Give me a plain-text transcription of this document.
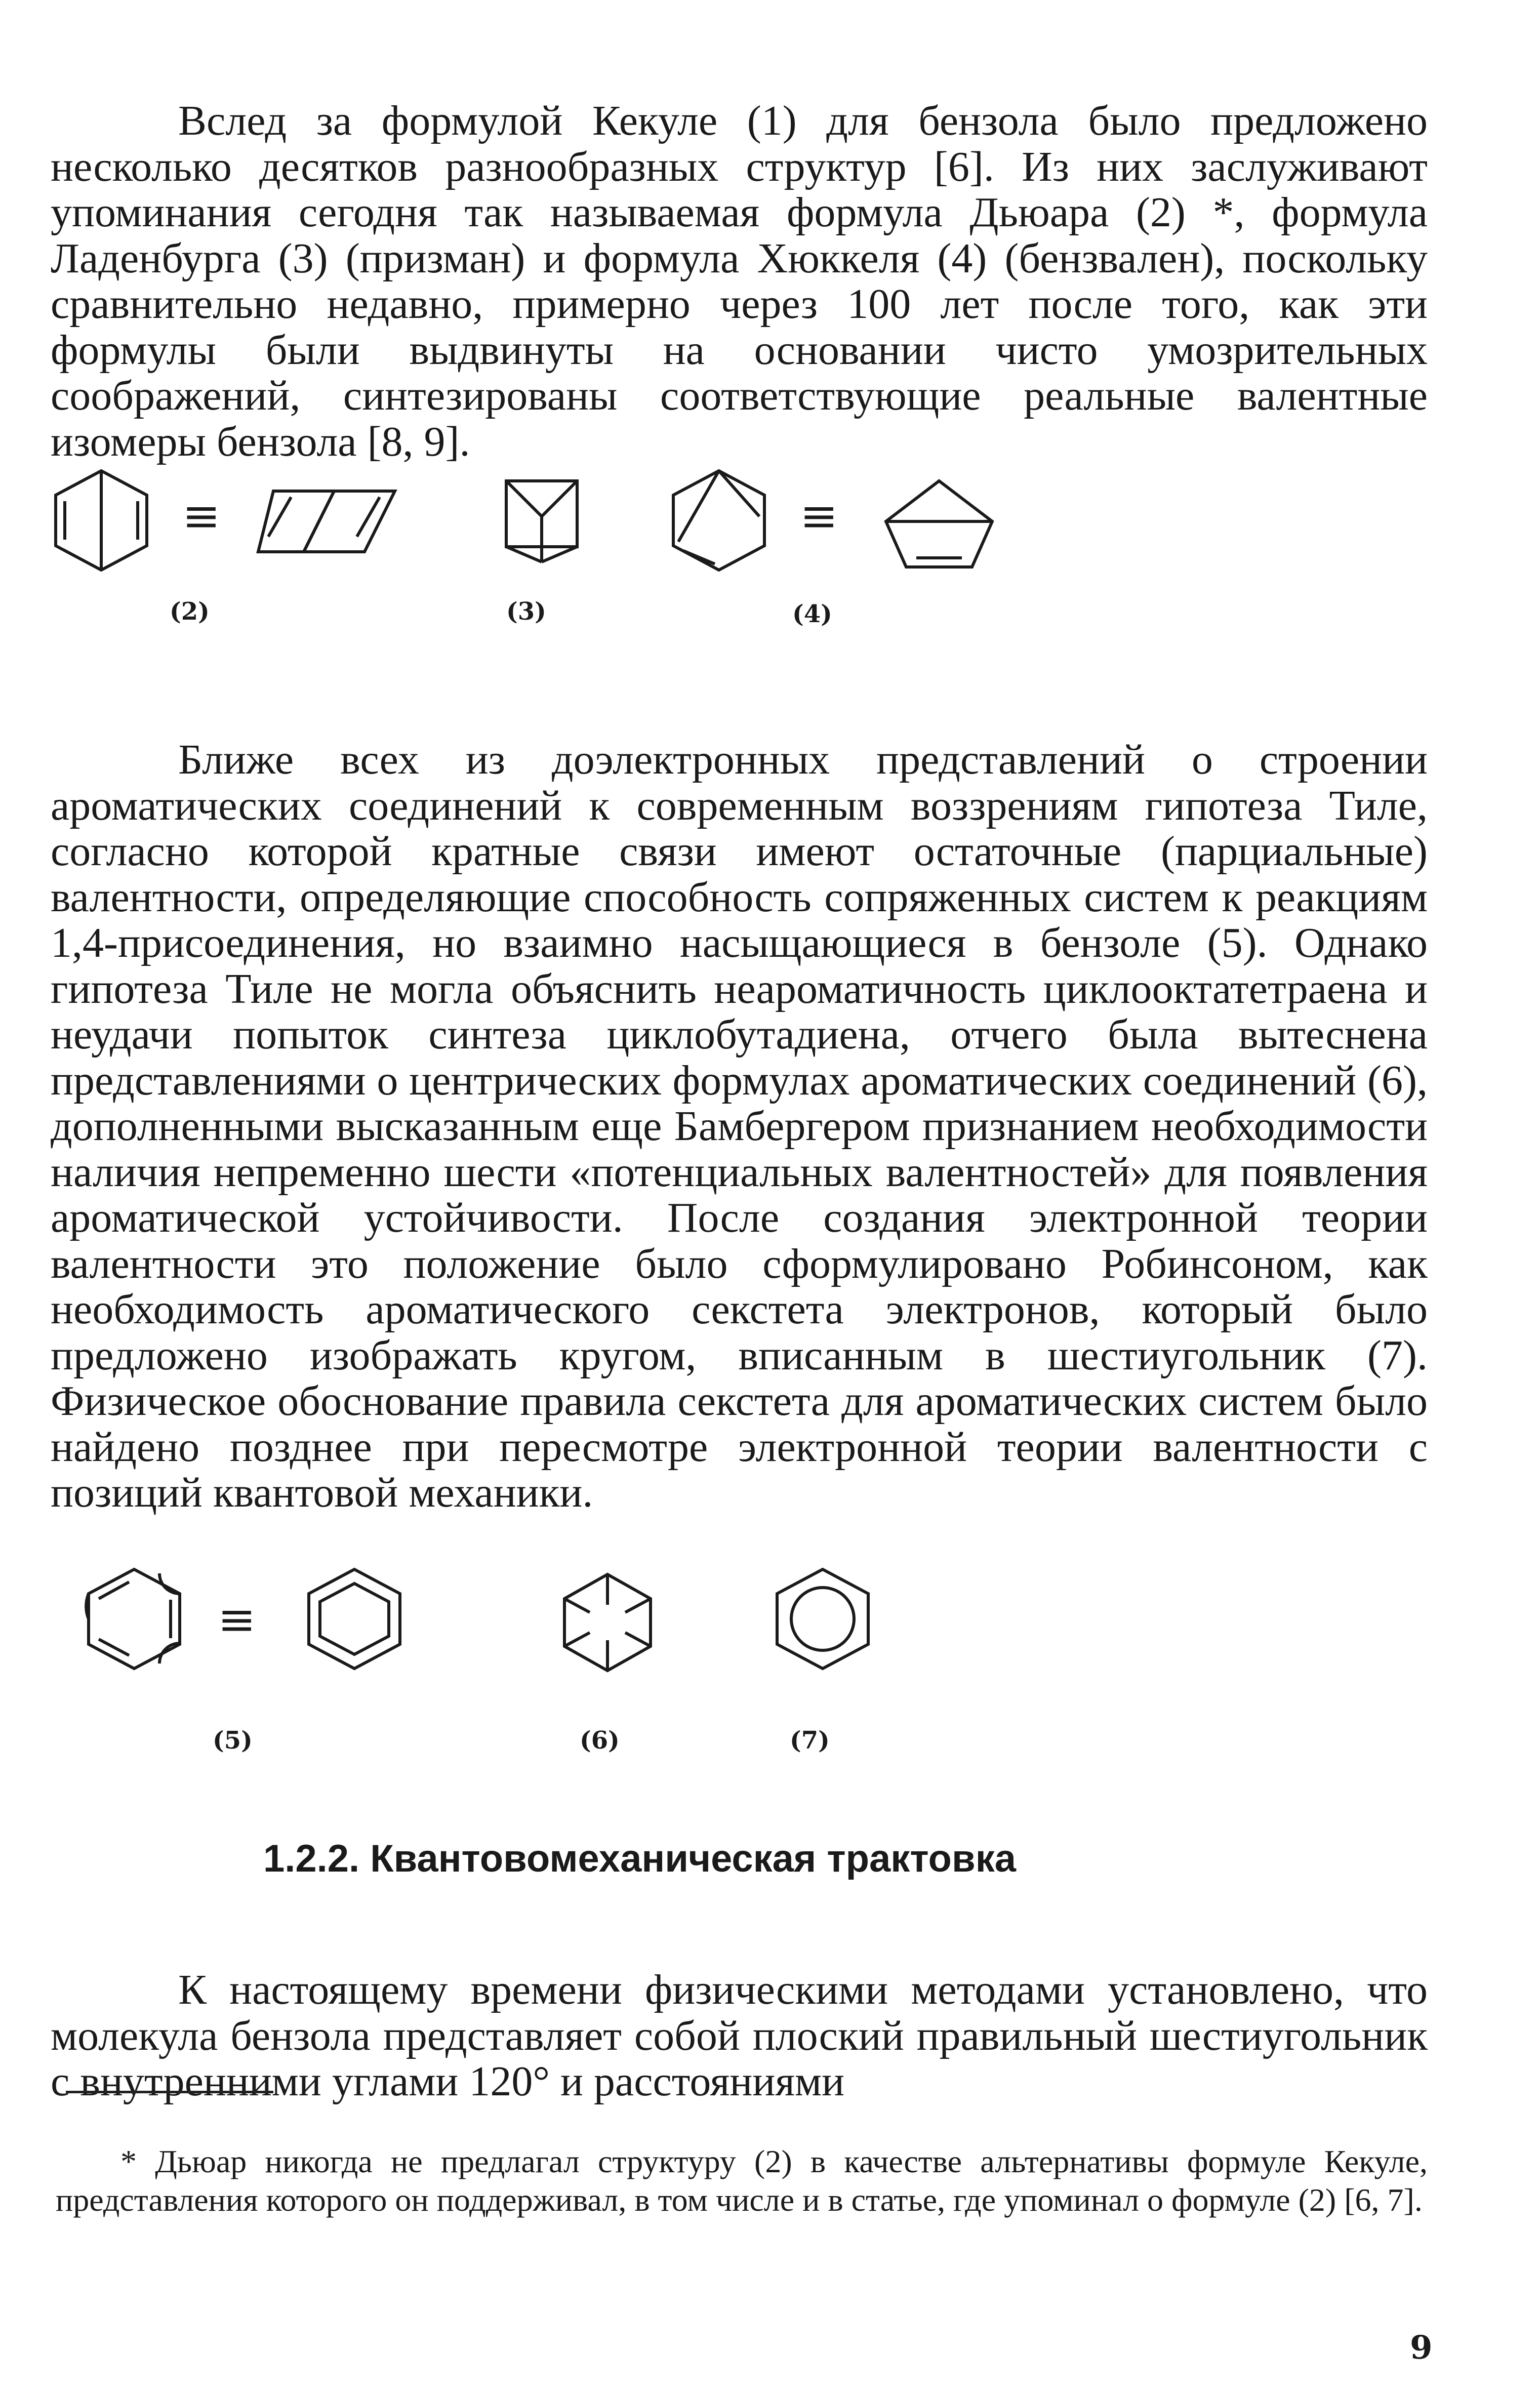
Вслед за формулой Кекуле (1) для бензола было предложено несколько десятков разнообразных структур [6]. Из них заслуживают упоминания сегодня так называемая формула Дьюара (2) *, формула Ладенбурга (3) (призман) и формула Хюккеля (4) (бензвален), поскольку сравнительно недавно, примерно через 100 лет после того, как эти формулы были выдвинуты на основании чисто умозрительных соображений, синтезированы соответствующие реальные валентные изомеры бензола [8, 9].

≡	≡
(2)	(3)	(4)

Ближе всех из доэлектронных представлений о строении ароматических соединений к современным воззрениям гипотеза Тиле, согласно которой кратные связи имеют остаточные (парциальные) валентности, определяющие способность сопряженных систем к реакциям 1,4-присоединения, но взаимно насыщающиеся в бензоле (5). Однако гипотеза Тиле не могла объяснить неароматичность циклооктатетраена и неудачи попыток синтеза циклобутадиена, отчего была вытеснена представлениями о центрических формулах ароматических соединений (6), дополненными высказанным еще Бамбергером признанием необходимости наличия непременно шести «потенциальных валентностей» для появления ароматической устойчивости. После создания электронной теории валентности это положение было сформулировано Робинсоном, как необходимость ароматического секстета электронов, который было предложено изображать кругом, вписанным в шестиугольник (7). Физическое обоснование правила секстета для ароматических систем было найдено позднее при пересмотре электронной теории валентности с позиций квантовой механики.

≡
(5)	(6)	(7)
1.2.2. Квантовомеханическая трактовка

К настоящему времени физическими методами установлено, что молекула бензола представляет собой плоский правильный шестиугольник с внутренними углами 120° и расстояниями

* Дьюар никогда не предлагал структуру (2) в качестве альтернативы формуле Кекуле, представления которого он поддерживал, в том числе и в статье, где упоминал о формуле (2) [6, 7].

9
